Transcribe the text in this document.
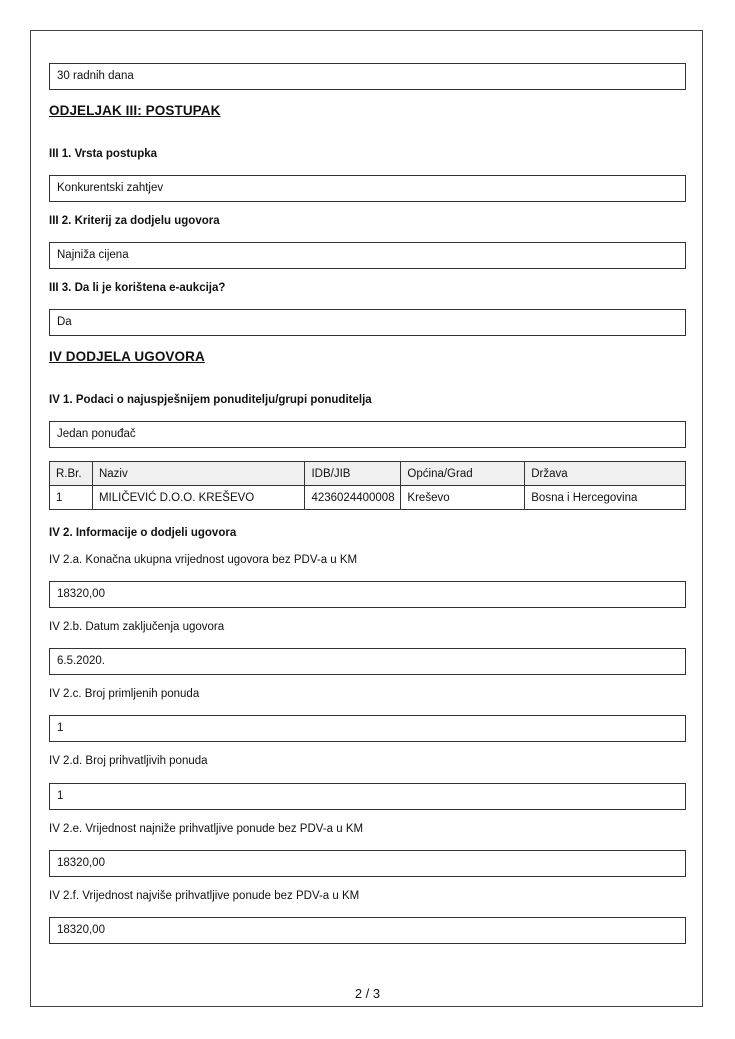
30 radnih dana
ODJELJAK III: POSTUPAK
III 1. Vrsta postupka
Konkurentski zahtjev
III 2. Kriterij za dodjelu ugovora
Najniža cijena
III 3. Da li je korištena e-aukcija?
Da
IV DODJELA UGOVORA
IV 1. Podaci o najuspješnijem ponuditelju/grupi ponuditelja
Jedan ponuđač
R.Br.	Naziv	IDB/JIB	Općina/Grad	Država
1	MILIČEVIĆ D.O.O. KREŠEVO	4236024400008	Kreševo	Bosna i Hercegovina
IV 2. Informacije o dodjeli ugovora
IV 2.a. Konačna ukupna vrijednost ugovora bez PDV-a u KM
18320,00
IV 2.b. Datum zaključenja ugovora
6.5.2020.
IV 2.c. Broj primljenih ponuda
1
IV 2.d. Broj prihvatljivih ponuda
1
IV 2.e. Vrijednost najniže prihvatljive ponude bez PDV-a u KM
18320,00
IV 2.f. Vrijednost najviše prihvatljive ponude bez PDV-a u KM
18320,00
2 / 3
